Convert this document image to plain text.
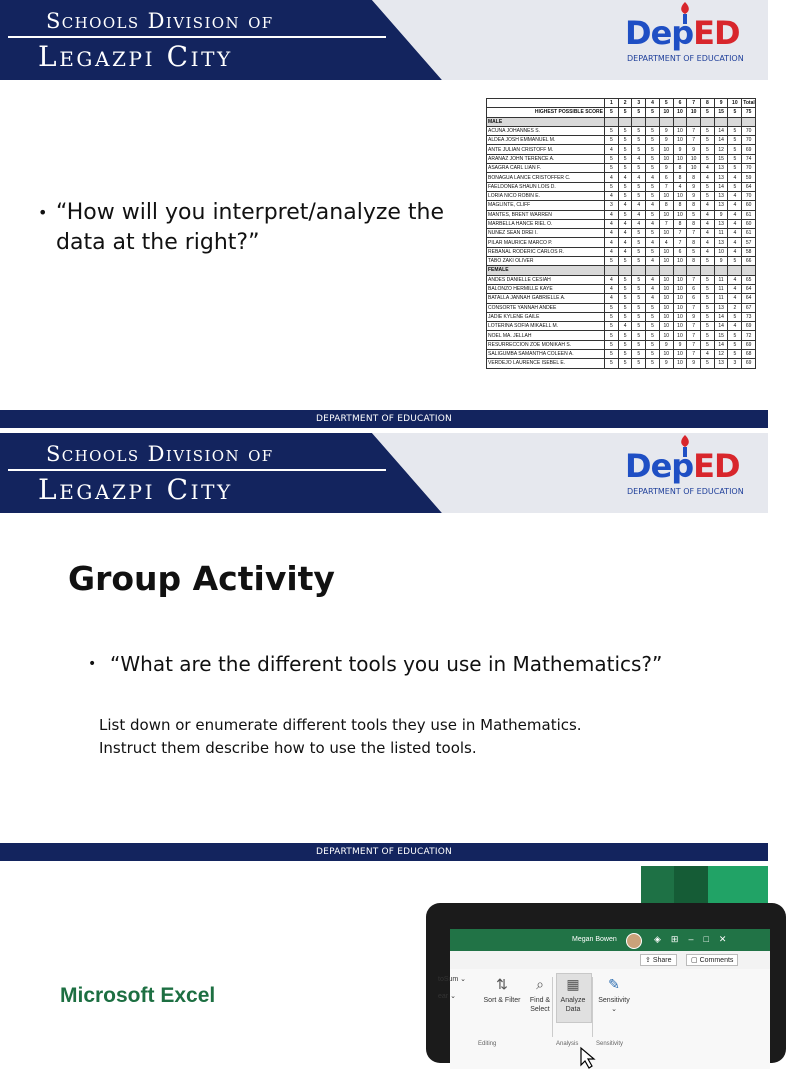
Schools Division of
Legazpi City
DepED
DEPARTMENT OF EDUCATION
• “How will you interpret/analyze the data at the right?”
	1	2	3	4	5	6	7	8	9	10	Total
HIGHEST POSSIBLE SCORE	5	5	5	5	10	10	10	5	15	5	75
MALE											
ACUNA JOHANNES S.	5	5	5	5	9	10	7	5	14	5	70
ALDEA JOSH EMMANUEL M.	5	5	5	5	9	10	7	5	14	5	70
ANTE JULIAN CRISTOFF M.	4	5	5	5	10	9	9	5	12	5	69
ARANAZ JOHN TERENCE A.	5	5	4	5	10	10	10	5	15	5	74
ASAGRA CARL LIAN F.	5	5	5	5	9	8	10	4	13	5	70
BONAGUA LANCE CRISTOFFER C.	4	4	4	4	6	8	8	4	13	4	59
FAELDONEA SHAUN LOIS D.	5	5	5	5	7	4	9	5	14	5	64
LORIA NICO ROBIN E.	4	5	5	5	10	10	9	5	13	4	70
MAGLINTE, CLIFF	3	4	4	4	8	8	8	4	13	4	60
MANTES, BRENT WARREN	4	5	4	5	10	10	5	4	9	4	61
MARBELLA HANCE RIEL O.	4	4	4	4	7	8	8	4	13	4	60
NUNEZ SEAN DREI I.	4	4	5	5	10	7	7	4	11	4	61
PILAR MAURICE MARCO P.	4	4	5	4	4	7	8	4	13	4	57
REBANAL RODERIC CARLOS R.	4	4	5	5	10	6	5	4	10	4	58
TABO ZAKI OLIVER	5	5	5	4	10	10	8	5	9	5	66
FEMALE											
ANDES DANIELLE CESIAH	4	5	5	4	10	10	7	5	11	4	65
BALONZO HERMILLE KAYE	4	5	5	4	10	10	6	5	11	4	64
BATALLA JANNAH GABRIELLE A.	4	5	5	4	10	10	6	5	11	4	64
CONSORTE YANNAH ANDEE	5	5	5	5	10	10	7	5	13	2	67
JADIE KYLENE GAILE	5	5	5	5	10	10	9	5	14	5	73
LOTERINA SOFIA MIKAELL M.	5	4	5	5	10	10	7	5	14	4	69
NOEL MA. JELLAH	5	5	5	5	10	10	7	5	15	5	72
RESURRECCION ZOE MONIKAH S.	5	5	5	5	9	9	7	5	14	5	69
SALIGUMBA SAMANTHA COLEEN A.	5	5	5	5	10	10	7	4	12	5	68
VERDEJO LAURENCE ISEBEL E.	5	5	5	5	9	10	9	5	13	3	69
DEPARTMENT OF EDUCATION
Schools Division of
Legazpi City
DepED
DEPARTMENT OF EDUCATION
Group Activity
• “What are the different tools you use in Mathematics?”
List down or enumerate different tools they use in Mathematics.
Instruct them describe how to use the listed tools.
DEPARTMENT OF EDUCATION
Microsoft Excel
Megan Bowen	◈⊞–□✕
⇪ Share	▢ Comments
toSum ⌄
ear ⌄
⇅
Sort & Filter
⌕
Find & Select
▦
Analyze Data
✎
Sensitivity
⌄
Editing	Analysis	Sensitivity
